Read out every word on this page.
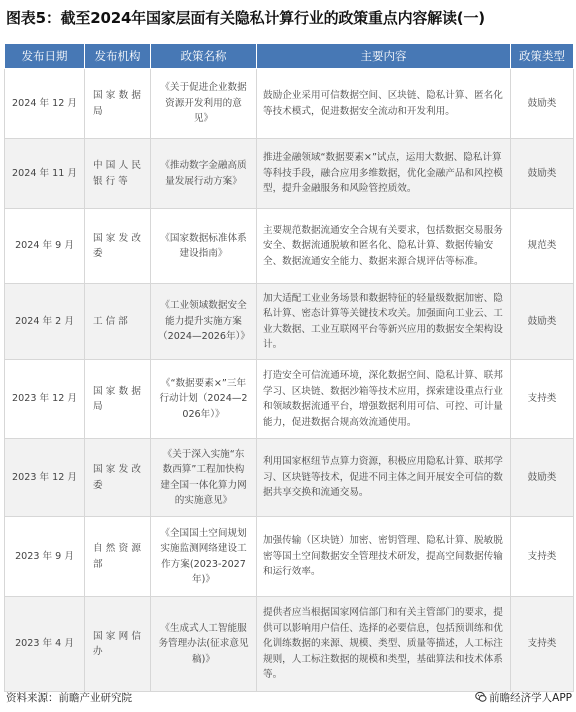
图表5：截至2024年国家层面有关隐私计算行业的政策重点内容解读(一)
发布日期	发布机构	政策名称	主要内容	政策类型
2024 年 12 月	国家数据局	《关于促进企业数据资源开发利用的意见》	鼓励企业采用可信数据空间、区块链、隐私计算、匿名化等技术模式，促进数据安全流动和开发利用。	鼓励类
2024 年 11 月	中国人民银行等	《推动数字金融高质量发展行动方案》	推进金融领域“数据要素×”试点，运用大数据、隐私计算等科技手段，融合应用多维数据，优化金融产品和风控模型，提升金融服务和风险管控质效。	鼓励类
2024 年 9 月	国家发改委	《国家数据标准体系建设指南》	主要规范数据流通安全合规有关要求，包括数据交易服务安全、数据流通脱敏和匿名化、隐私计算、数据传输安全、数据流通安全能力、数据来源合规评估等标准。	规范类
2024 年 2 月	工信部	《工业领域数据安全能力提升实施方案（2024—2026年）》	加大适配工业业务场景和数据特征的轻量级数据加密、隐私计算、密态计算等关键技术攻关。加强面向工业云、工业大数据、工业互联网平台等新兴应用的数据安全架构设计。	鼓励类
2023 年 12 月	国家数据局	《“数据要素×”三年行动计划（2024—2026年）》	打造安全可信流通环境，深化数据空间、隐私计算、联邦学习、区块链、数据沙箱等技术应用，探索建设重点行业和领域数据流通平台，增强数据利用可信、可控、可计量能力，促进数据合规高效流通使用。	支持类
2023 年 12 月	国家发改委	《关于深入实施“东数西算”工程加快构建全国一体化算力网的实施意见》	利用国家枢纽节点算力资源，积极应用隐私计算、联邦学习、区块链等技术，促进不同主体之间开展安全可信的数据共享交换和流通交易。	鼓励类
2023 年 9 月	自然资源部	《全国国土空间规划实施监测网络建设工作方案(2023-2027年)》	加强传输（区块链）加密、密钥管理、隐私计算、脱敏脱密等国土空间数据安全管理技术研发，提高空间数据传输和运行效率。	支持类
2023 年 4 月	国家网信办	《生成式人工智能服务管理办法(征求意见稿)》	提供者应当根据国家网信部门和有关主管部门的要求，提供可以影响用户信任、选择的必要信息，包括预训练和优化训练数据的来源、规模、类型、质量等描述，人工标注规则，人工标注数据的规模和类型，基础算法和技术体系等。	支持类
资料来源：前瞻产业研究院	前瞻经济学人APP
